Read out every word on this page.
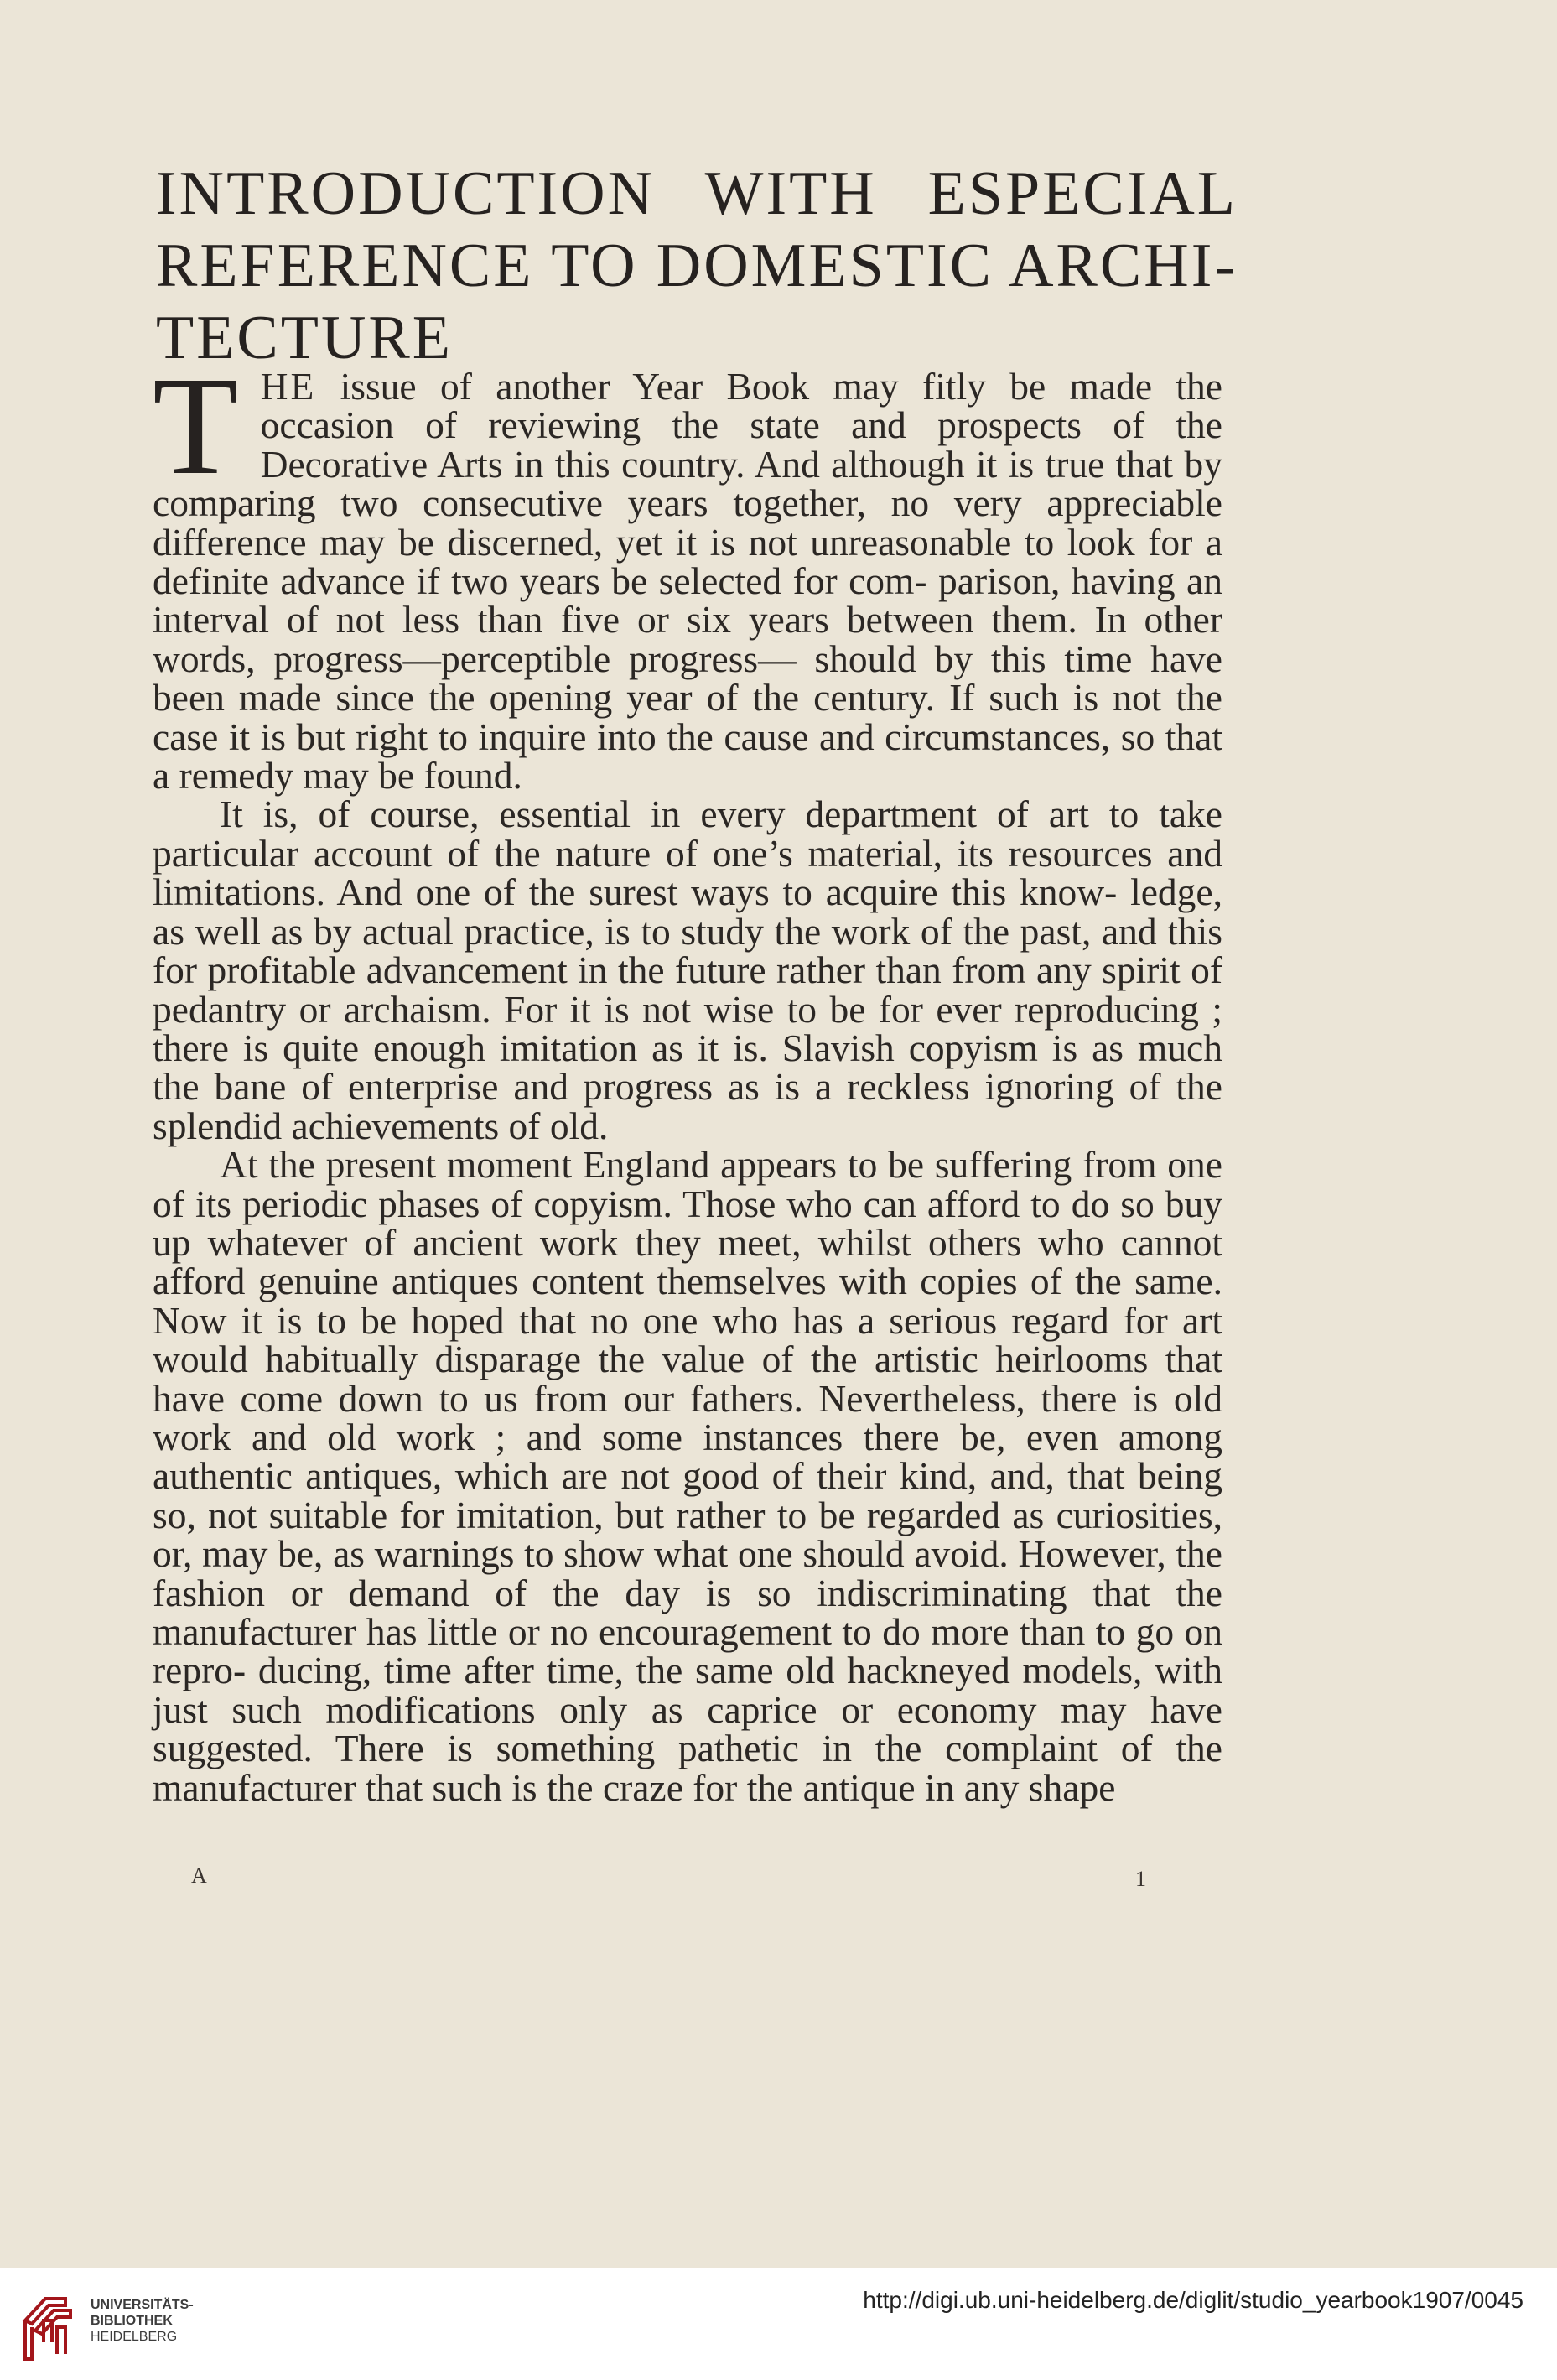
INTRODUCTION WITH ESPECIAL REFERENCE TO DOMESTIC ARCHI- TECTURE

THE issue of another Year Book may fitly be made the occasion of reviewing the state and prospects of the Decorative Arts in this country. And although it is true that by comparing two consecutive years together, no very appreciable difference may be discerned, yet it is not unreasonable to look for a definite advance if two years be selected for com- parison, having an interval of not less than five or six years between them. In other words, progress—perceptible progress— should by this time have been made since the opening year of the century. If such is not the case it is but right to inquire into the cause and circumstances, so that a remedy may be found.

It is, of course, essential in every department of art to take particular account of the nature of one’s material, its resources and limitations. And one of the surest ways to acquire this know- ledge, as well as by actual practice, is to study the work of the past, and this for profitable advancement in the future rather than from any spirit of pedantry or archaism. For it is not wise to be for ever reproducing ; there is quite enough imitation as it is. Slavish copyism is as much the bane of enterprise and progress as is a reckless ignoring of the splendid achievements of old.

At the present moment England appears to be suffering from one of its periodic phases of copyism. Those who can afford to do so buy up whatever of ancient work they meet, whilst others who cannot afford genuine antiques content themselves with copies of the same. Now it is to be hoped that no one who has a serious regard for art would habitually disparage the value of the artistic heirlooms that have come down to us from our fathers. Nevertheless, there is old work and old work ; and some instances there be, even among authentic antiques, which are not good of their kind, and, that being so, not suitable for imitation, but rather to be regarded as curiosities, or, may be, as warnings to show what one should avoid. However, the fashion or demand of the day is so indiscriminating that the manufacturer has little or no encouragement to do more than to go on repro- ducing, time after time, the same old hackneyed models, with just such modifications only as caprice or economy may have suggested. There is something pathetic in the complaint of the manufacturer that such is the craze for the antique in any shape

A	1
UNIVERSITÄTS-
BIBLIOTHEK
HEIDELBERG
http://digi.ub.uni-heidelberg.de/diglit/studio_yearbook1907/0045
